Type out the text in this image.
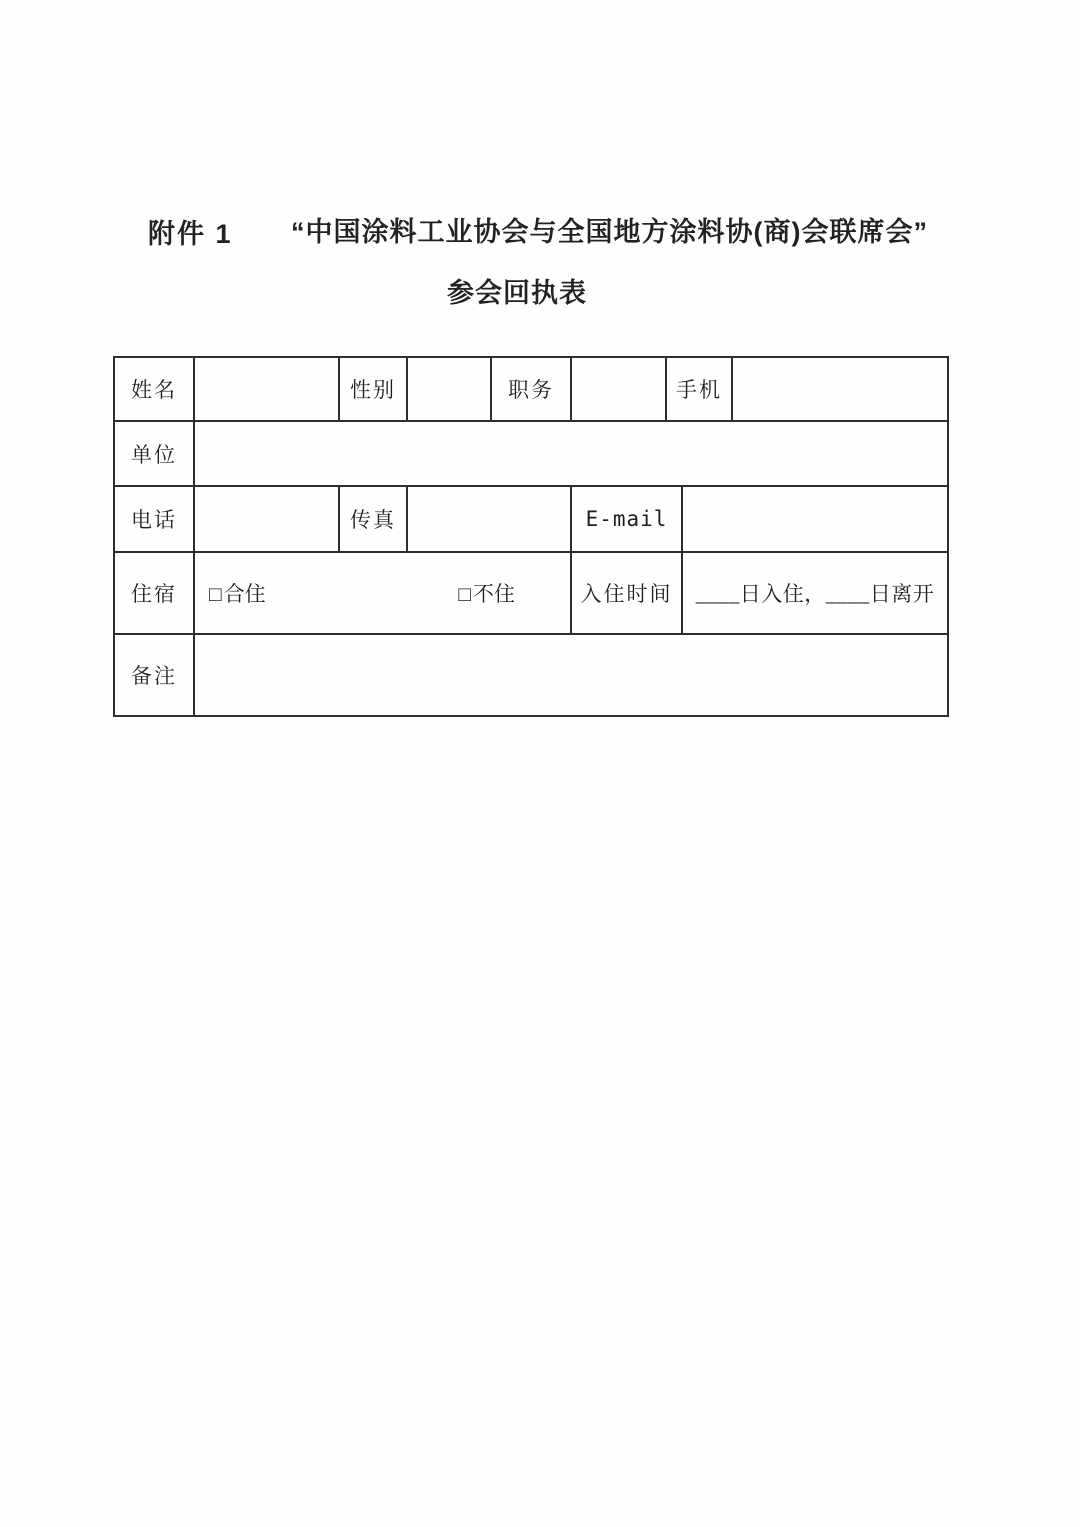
附件 1 “中国涂料工业协会与全国地方涂料协(商)会联席会”
参会回执表
姓名		性别		职务		手机		
单位								
电话		传真			E-mail			
住宿	□合住 □不住				入住时间		____日入住，____日离开	
备注								
